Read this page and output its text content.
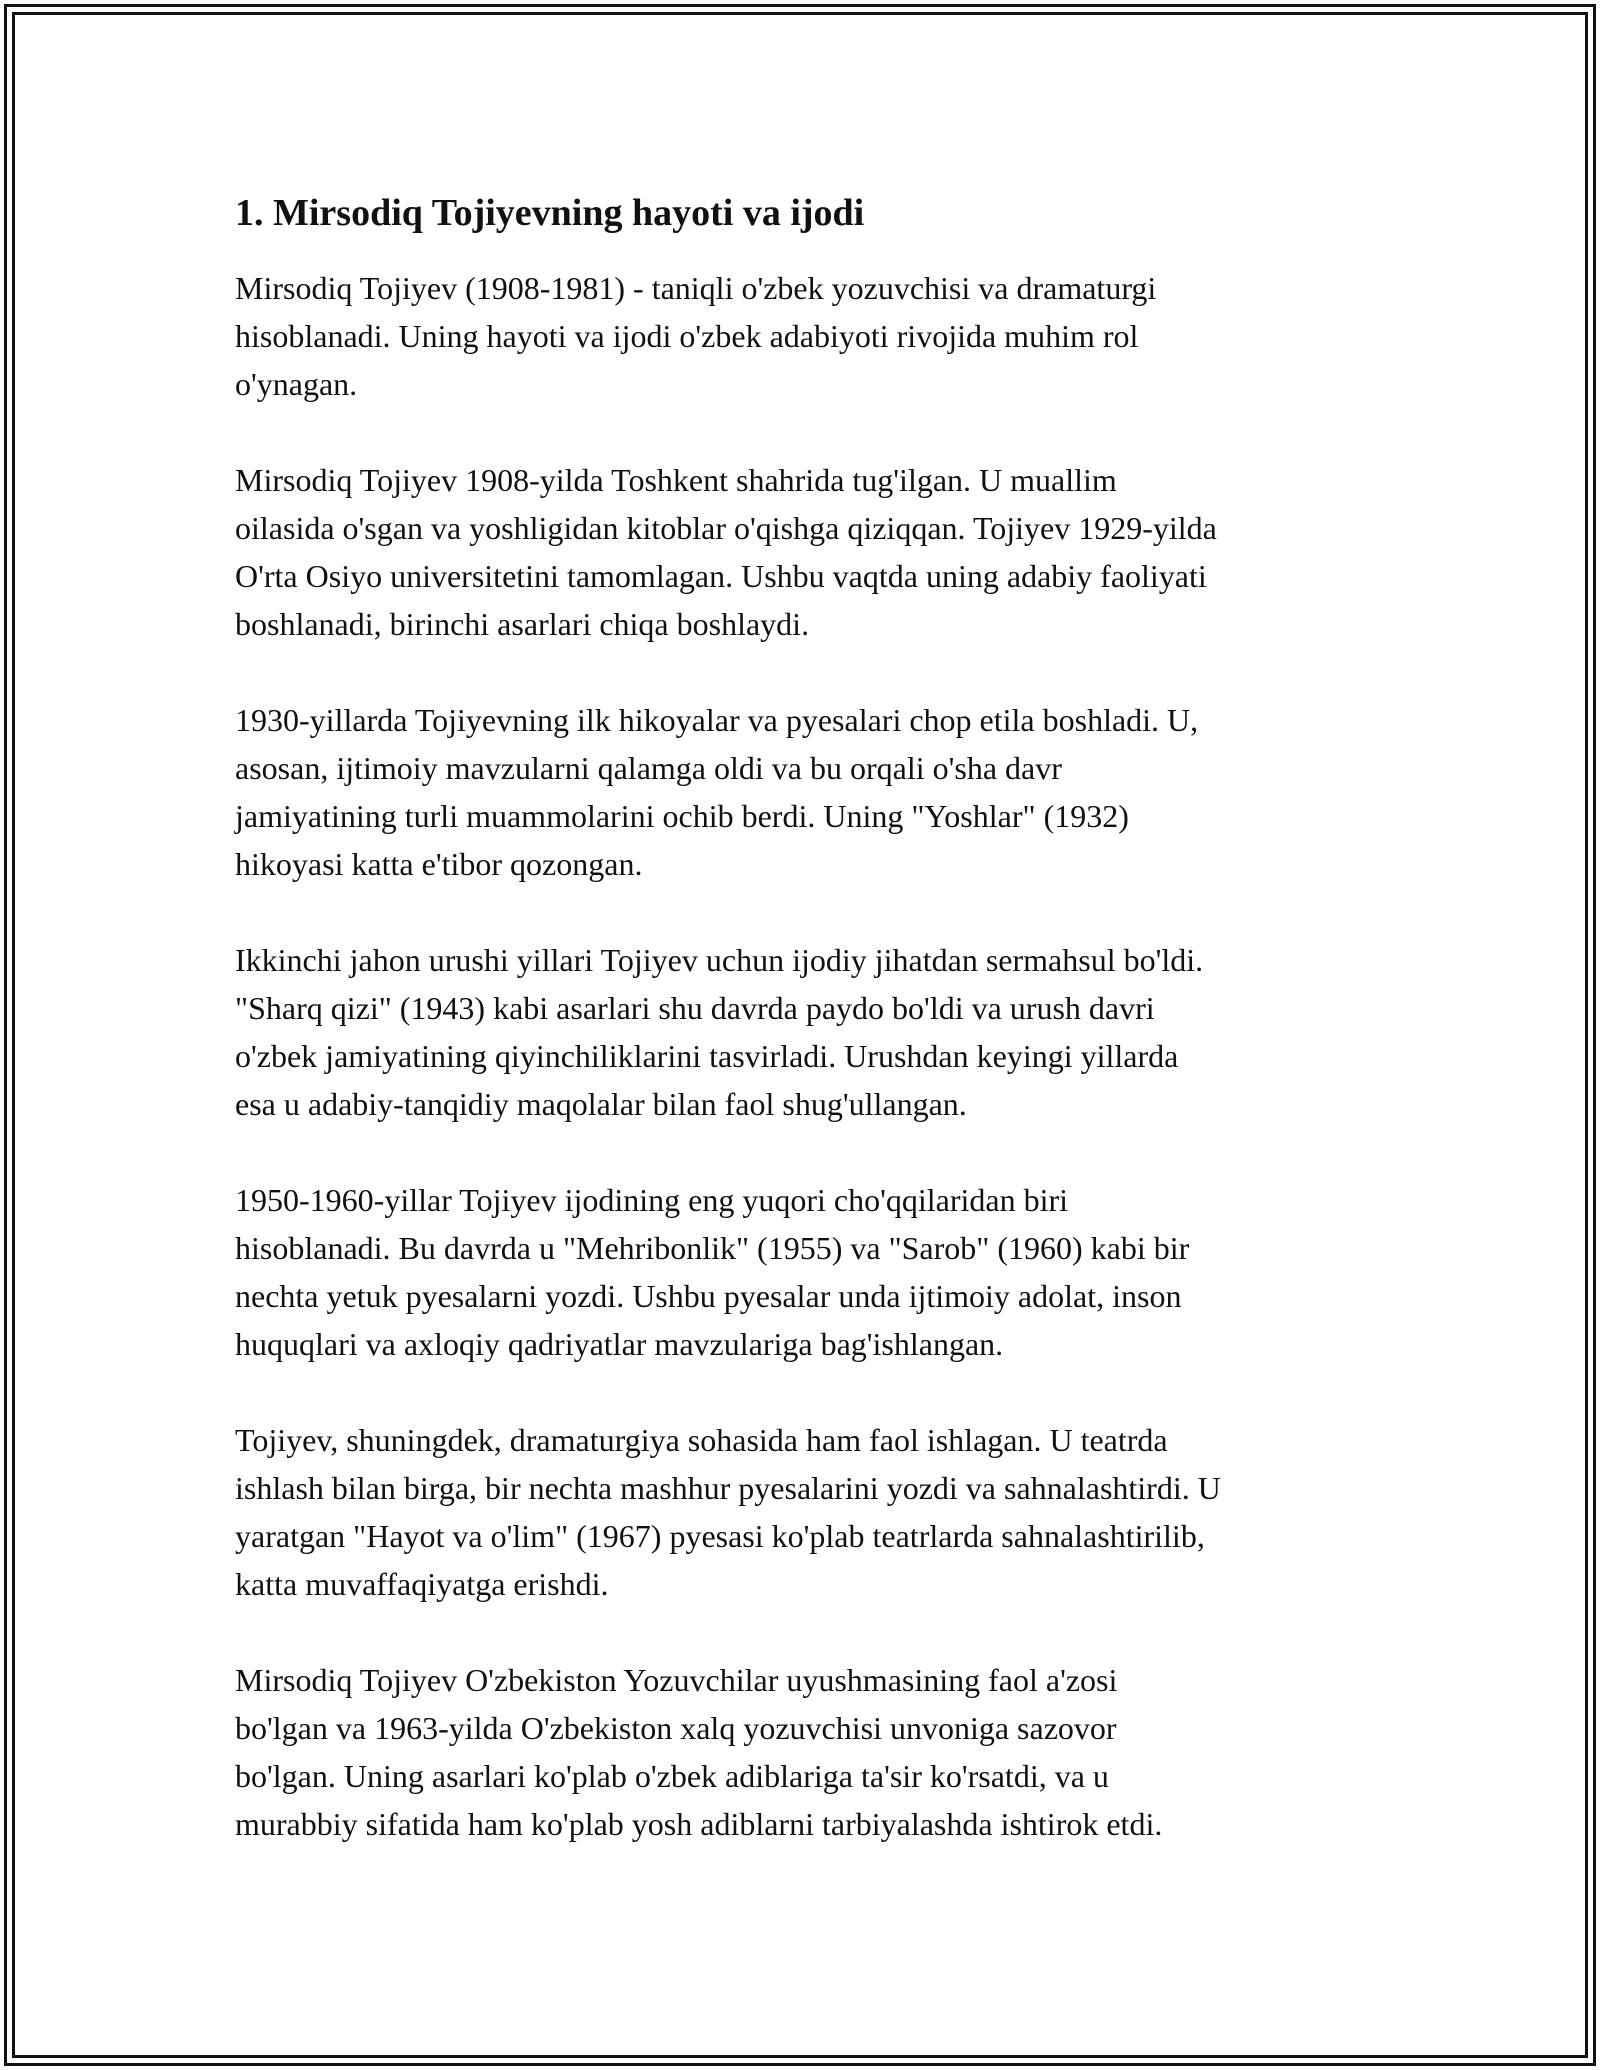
1. Mirsodiq Tojiyevning hayoti va ijodi

Mirsodiq Tojiyev (1908-1981) - taniqli o'zbek yozuvchisi va dramaturgi
hisoblanadi. Uning hayoti va ijodi o'zbek adabiyoti rivojida muhim rol
o'ynagan.

Mirsodiq Tojiyev 1908-yilda Toshkent shahrida tug'ilgan. U muallim
oilasida o'sgan va yoshligidan kitoblar o'qishga qiziqqan. Tojiyev 1929-yilda
O'rta Osiyo universitetini tamomlagan. Ushbu vaqtda uning adabiy faoliyati
boshlanadi, birinchi asarlari chiqa boshlaydi.

1930-yillarda Tojiyevning ilk hikoyalar va pyesalari chop etila boshladi. U,
asosan, ijtimoiy mavzularni qalamga oldi va bu orqali o'sha davr
jamiyatining turli muammolarini ochib berdi. Uning "Yoshlar" (1932)
hikoyasi katta e'tibor qozongan.

Ikkinchi jahon urushi yillari Tojiyev uchun ijodiy jihatdan sermahsul bo'ldi.
"Sharq qizi" (1943) kabi asarlari shu davrda paydo bo'ldi va urush davri
o'zbek jamiyatining qiyinchiliklarini tasvirladi. Urushdan keyingi yillarda
esa u adabiy-tanqidiy maqolalar bilan faol shug'ullangan.

1950-1960-yillar Tojiyev ijodining eng yuqori cho'qqilaridan biri
hisoblanadi. Bu davrda u "Mehribonlik" (1955) va "Sarob" (1960) kabi bir
nechta yetuk pyesalarni yozdi. Ushbu pyesalar unda ijtimoiy adolat, inson
huquqlari va axloqiy qadriyatlar mavzulariga bag'ishlangan.

Tojiyev, shuningdek, dramaturgiya sohasida ham faol ishlagan. U teatrda
ishlash bilan birga, bir nechta mashhur pyesalarini yozdi va sahnalashtirdi. U
yaratgan "Hayot va o'lim" (1967) pyesasi ko'plab teatrlarda sahnalashtirilib,
katta muvaffaqiyatga erishdi.

Mirsodiq Tojiyev O'zbekiston Yozuvchilar uyushmasining faol a'zosi
bo'lgan va 1963-yilda O'zbekiston xalq yozuvchisi unvoniga sazovor
bo'lgan. Uning asarlari ko'plab o'zbek adiblariga ta'sir ko'rsatdi, va u
murabbiy sifatida ham ko'plab yosh adiblarni tarbiyalashda ishtirok etdi.
